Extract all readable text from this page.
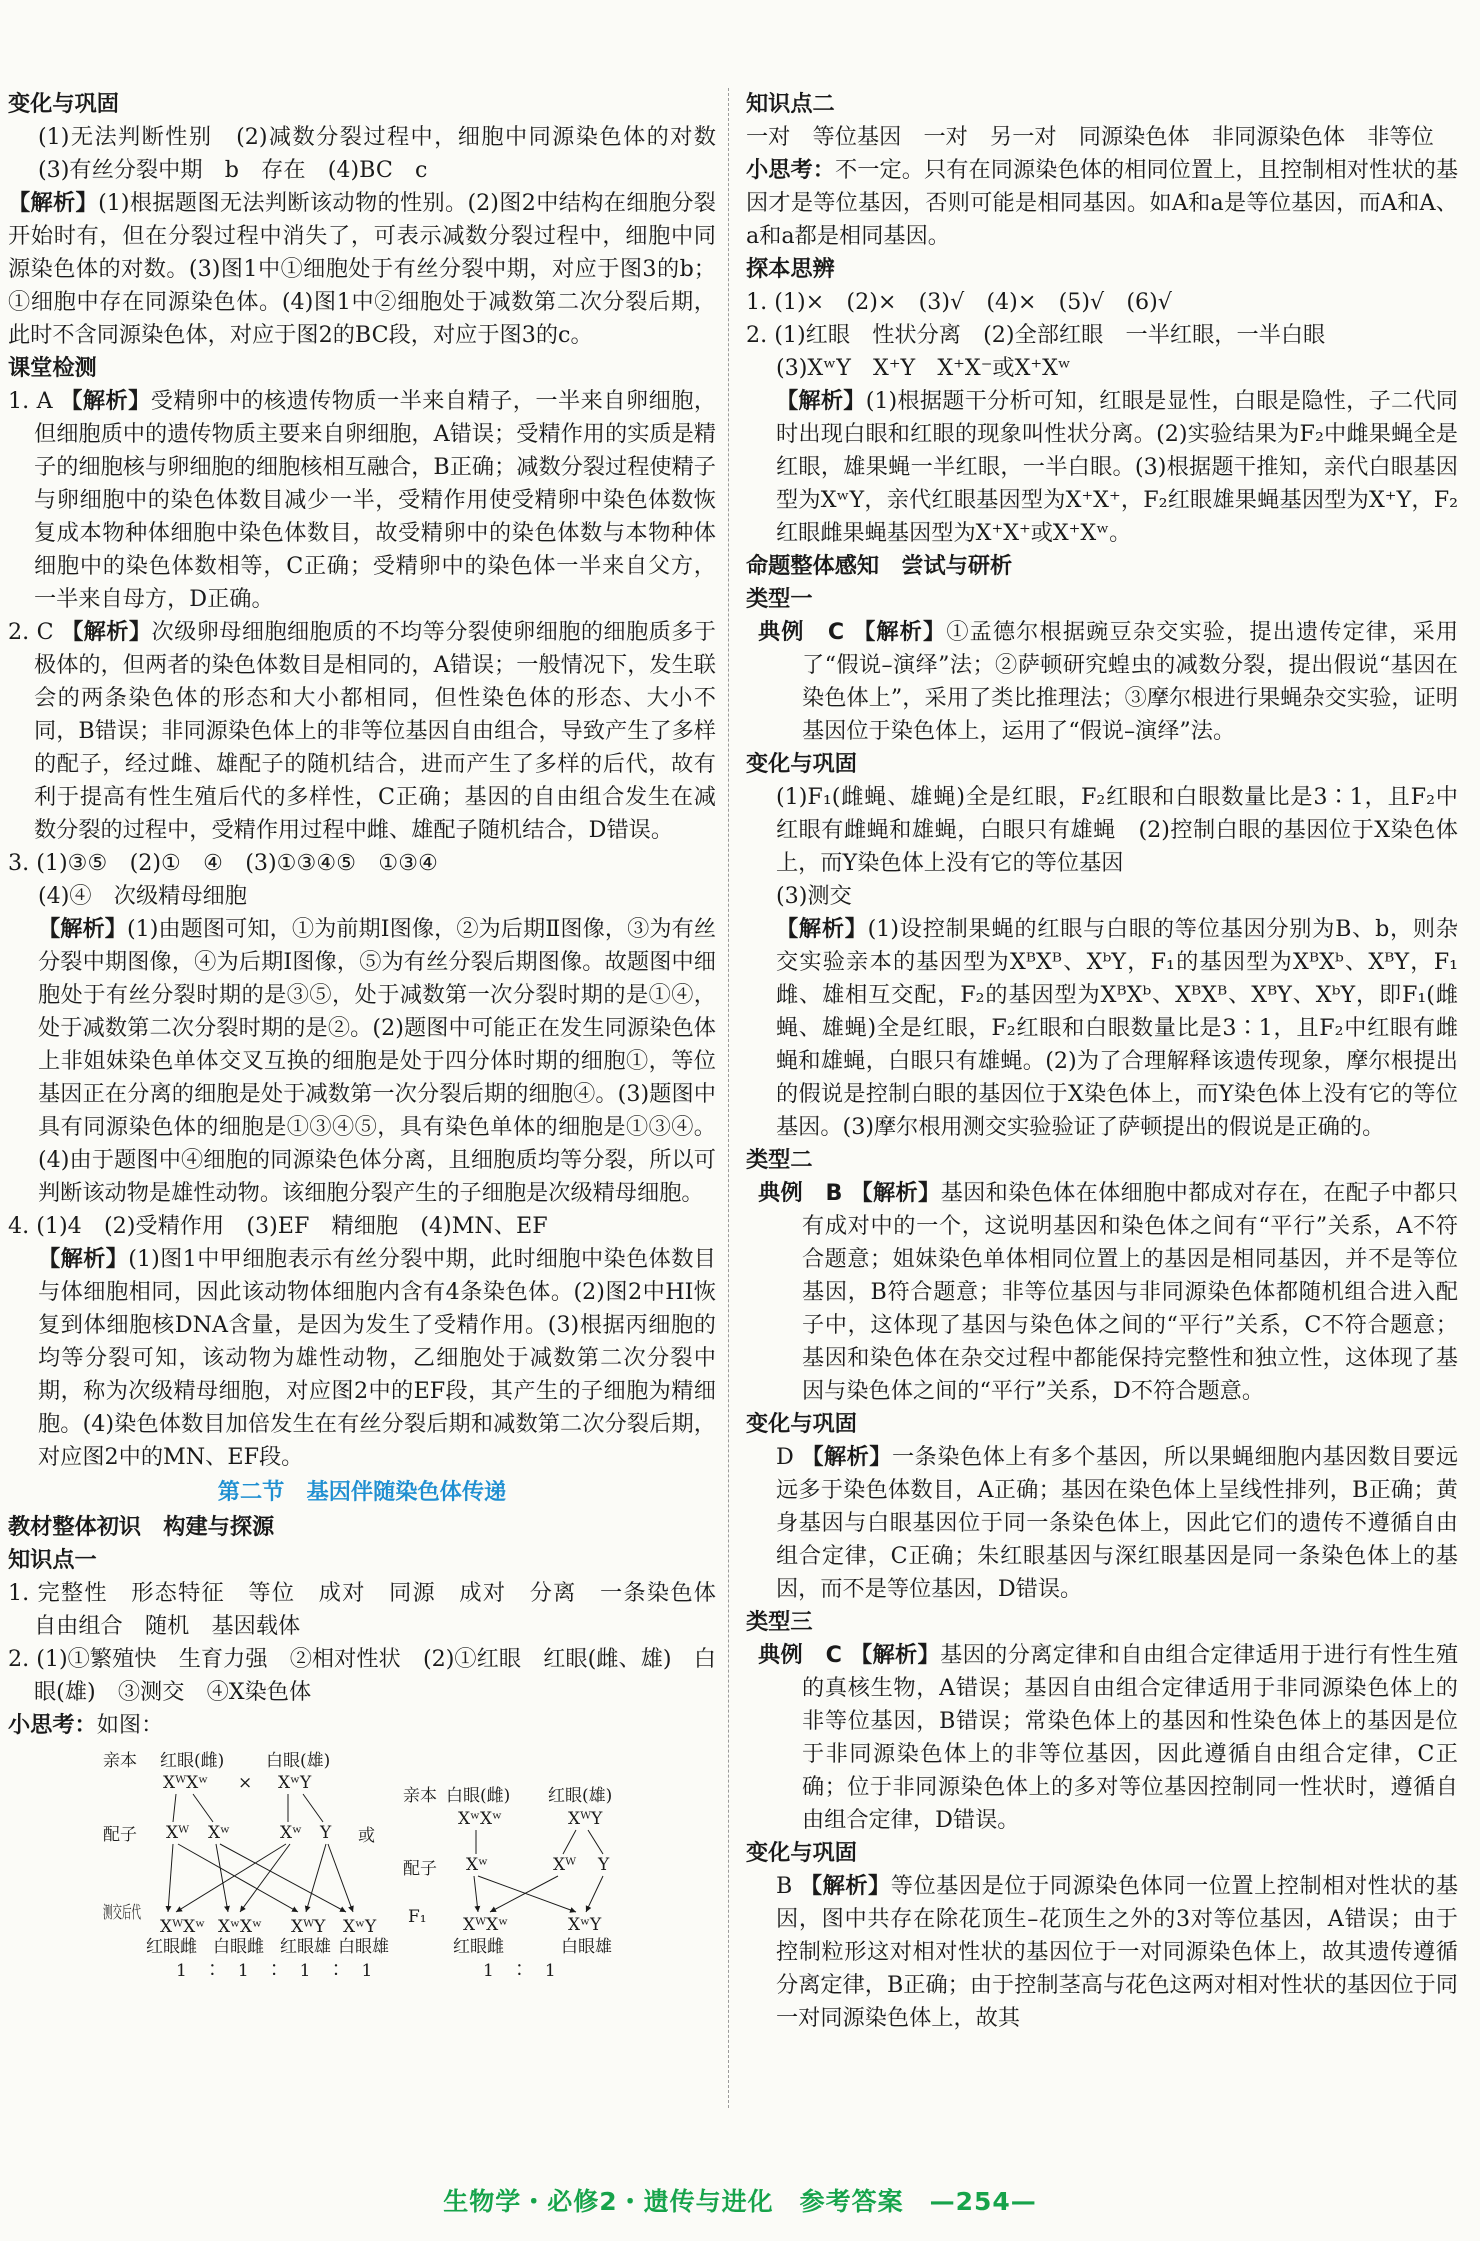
变化与巩固

(1)无法判断性别　(2)减数分裂过程中，细胞中同源染色体的对数　(3)有丝分裂中期　b　存在　(4)BC　c

【解析】(1)根据题图无法判断该动物的性别。(2)图2中结构在细胞分裂开始时有，但在分裂过程中消失了，可表示减数分裂过程中，细胞中同源染色体的对数。(3)图1中①细胞处于有丝分裂中期，对应于图3的b；①细胞中存在同源染色体。(4)图1中②细胞处于减数第二次分裂后期，此时不含同源染色体，对应于图2的BC段，对应于图3的c。

课堂检测

1. A 【解析】受精卵中的核遗传物质一半来自精子，一半来自卵细胞，但细胞质中的遗传物质主要来自卵细胞，A错误；受精作用的实质是精子的细胞核与卵细胞的细胞核相互融合，B正确；减数分裂过程使精子与卵细胞中的染色体数目减少一半，受精作用使受精卵中染色体数恢复成本物种体细胞中染色体数目，故受精卵中的染色体数与本物种体细胞中的染色体数相等，C正确；受精卵中的染色体一半来自父方，一半来自母方，D正确。

2. C 【解析】次级卵母细胞细胞质的不均等分裂使卵细胞的细胞质多于极体的，但两者的染色体数目是相同的，A错误；一般情况下，发生联会的两条染色体的形态和大小都相同，但性染色体的形态、大小不同，B错误；非同源染色体上的非等位基因自由组合，导致产生了多样的配子，经过雌、雄配子的随机结合，进而产生了多样的后代，故有利于提高有性生殖后代的多样性，C正确；基因的自由组合发生在减数分裂的过程中，受精作用过程中雌、雄配子随机结合，D错误。

3. (1)③⑤　(2)①　④　(3)①③④⑤　①③④

(4)④　次级精母细胞

【解析】(1)由题图可知，①为前期Ⅰ图像，②为后期Ⅱ图像，③为有丝分裂中期图像，④为后期Ⅰ图像，⑤为有丝分裂后期图像。故题图中细胞处于有丝分裂时期的是③⑤，处于减数第一次分裂时期的是①④，处于减数第二次分裂时期的是②。(2)题图中可能正在发生同源染色体上非姐妹染色单体交叉互换的细胞是处于四分体时期的细胞①，等位基因正在分离的细胞是处于减数第一次分裂后期的细胞④。(3)题图中具有同源染色体的细胞是①③④⑤，具有染色单体的细胞是①③④。(4)由于题图中④细胞的同源染色体分离，且细胞质均等分裂，所以可判断该动物是雄性动物。该细胞分裂产生的子细胞是次级精母细胞。

4. (1)4　(2)受精作用　(3)EF　精细胞　(4)MN、EF

【解析】(1)图1中甲细胞表示有丝分裂中期，此时细胞中染色体数目与体细胞相同，因此该动物体细胞内含有4条染色体。(2)图2中HI恢复到体细胞核DNA含量，是因为发生了受精作用。(3)根据丙细胞的均等分裂可知，该动物为雄性动物，乙细胞处于减数第二次分裂中期，称为次级精母细胞，对应图2中的EF段，其产生的子细胞为精细胞。(4)染色体数目加倍发生在有丝分裂后期和减数第二次分裂后期，对应图2中的MN、EF段。

第二节　基因伴随染色体传递

教材整体初识　构建与探源

知识点一

1. 完整性　形态特征　等位　成对　同源　成对　分离　一条染色体　自由组合　随机　基因载体

2. (1)①繁殖快　生育力强　②相对性状　(2)①红眼　红眼(雌、雄)　白眼(雄)　③测交　④X染色体

小思考：如图：

亲本 红眼(雌) 白眼(雄)
XᵂXʷ × XʷY
配子 Xᵂ Xʷ	Xʷ Y
测交后代
XᵂXʷ XʷXʷ XᵂY XʷY
红眼雌 白眼雌 红眼雄 白眼雄
1　∶　1　∶　1　∶　1
或
亲本 白眼(雌) 红眼(雄)
XʷXʷ	XᵂY
配子 Xʷ	Xᵂ Y
F₁ XᵂXʷ	XʷY
红眼雌	白眼雄
1　∶　1

知识点二

一对　等位基因　一对　另一对　同源染色体　非同源染色体　非等位

小思考：不一定。只有在同源染色体的相同位置上，且控制相对性状的基因才是等位基因，否则可能是相同基因。如A和a是等位基因，而A和A、a和a都是相同基因。

探本思辨

1. (1)×　(2)×　(3)√　(4)×　(5)√　(6)√

2. (1)红眼　性状分离　(2)全部红眼　一半红眼，一半白眼

(3)XʷY　X⁺Y　X⁺X⁻或X⁺Xʷ

【解析】(1)根据题干分析可知，红眼是显性，白眼是隐性，子二代同时出现白眼和红眼的现象叫性状分离。(2)实验结果为F₂中雌果蝇全是红眼，雄果蝇一半红眼，一半白眼。(3)根据题干推知，亲代白眼基因型为XʷY，亲代红眼基因型为X⁺X⁺，F₂红眼雄果蝇基因型为X⁺Y，F₂红眼雌果蝇基因型为X⁺X⁺或X⁺Xʷ。

命题整体感知　尝试与研析

类型一

典例　C 【解析】①孟德尔根据豌豆杂交实验，提出遗传定律，采用了“假说–演绎”法；②萨顿研究蝗虫的减数分裂，提出假说“基因在染色体上”，采用了类比推理法；③摩尔根进行果蝇杂交实验，证明基因位于染色体上，运用了“假说–演绎”法。

变化与巩固

(1)F₁(雌蝇、雄蝇)全是红眼，F₂红眼和白眼数量比是3∶1，且F₂中红眼有雌蝇和雄蝇，白眼只有雄蝇　(2)控制白眼的基因位于X染色体上，而Y染色体上没有它的等位基因

(3)测交

【解析】(1)设控制果蝇的红眼与白眼的等位基因分别为B、b，则杂交实验亲本的基因型为XᴮXᴮ、XᵇY，F₁的基因型为XᴮXᵇ、XᴮY，F₁雌、雄相互交配，F₂的基因型为XᴮXᵇ、XᴮXᴮ、XᴮY、XᵇY，即F₁(雌蝇、雄蝇)全是红眼，F₂红眼和白眼数量比是3∶1，且F₂中红眼有雌蝇和雄蝇，白眼只有雄蝇。(2)为了合理解释该遗传现象，摩尔根提出的假说是控制白眼的基因位于X染色体上，而Y染色体上没有它的等位基因。(3)摩尔根用测交实验验证了萨顿提出的假说是正确的。

类型二

典例　B 【解析】基因和染色体在体细胞中都成对存在，在配子中都只有成对中的一个，这说明基因和染色体之间有“平行”关系，A不符合题意；姐妹染色单体相同位置上的基因是相同基因，并不是等位基因，B符合题意；非等位基因与非同源染色体都随机组合进入配子中，这体现了基因与染色体之间的“平行”关系，C不符合题意；基因和染色体在杂交过程中都能保持完整性和独立性，这体现了基因与染色体之间的“平行”关系，D不符合题意。

变化与巩固

D 【解析】一条染色体上有多个基因，所以果蝇细胞内基因数目要远远多于染色体数目，A正确；基因在染色体上呈线性排列，B正确；黄身基因与白眼基因位于同一条染色体上，因此它们的遗传不遵循自由组合定律，C正确；朱红眼基因与深红眼基因是同一条染色体上的基因，而不是等位基因，D错误。

类型三

典例　C 【解析】基因的分离定律和自由组合定律适用于进行有性生殖的真核生物，A错误；基因自由组合定律适用于非同源染色体上的非等位基因，B错误；常染色体上的基因和性染色体上的基因是位于非同源染色体上的非等位基因，因此遵循自由组合定律，C正确；位于非同源染色体上的多对等位基因控制同一性状时，遵循自由组合定律，D错误。

变化与巩固

B 【解析】等位基因是位于同源染色体同一位置上控制相对性状的基因，图中共存在除花顶生–花顶生之外的3对等位基因，A错误；由于控制粒形这对相对性状的基因位于一对同源染色体上，故其遗传遵循分离定律，B正确；由于控制茎高与花色这两对相对性状的基因位于同一对同源染色体上，故其

生物学・必修2・遗传与进化　参考答案　—254—
